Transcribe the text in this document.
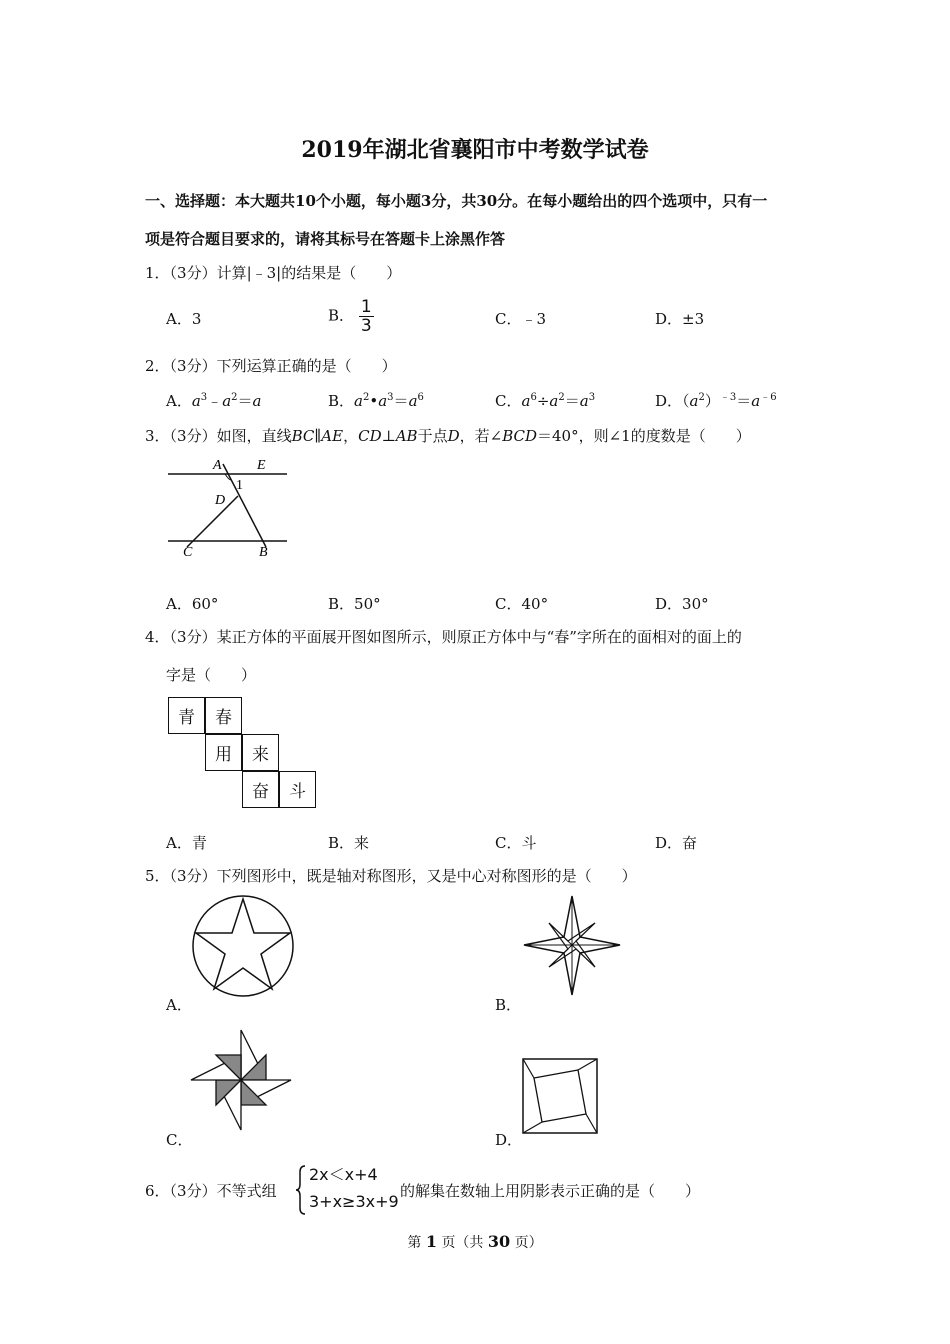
2019年湖北省襄阳市中考数学试卷
一、选择题：本大题共10个小题，每小题3分，共30分。在每小题给出的四个选项中，只有一
项是符合题目要求的，请将其标号在答题卡上涂黑作答
1．（3分）计算|﹣3|的结果是（　　）
A．3	B． $\frac{1}{3}$	C．﹣3	D．±3
2．（3分）下列运算正确的是（　　）
A．$a^3﹣a^2=a$	B．$a^2•a^3=a^6$	C．$a^6\div a^2=a^3$	D．$(a^2)^{﹣3}=a^{﹣6}$
3．（3分）如图，直线BC∥AE，CD⊥AB于点D，若∠BCD＝40°，则∠1的度数是（　　）
A	E
1
D
C	B
A．60°	B．50°	C．40°	D．30°
4．（3分）某正方体的平面展开图如图所示，则原正方体中与“春”字所在的面相对的面上的
字是（　　）
青	春
用	来
奋	斗
A．青	B．来	C．斗	D．奋
5．（3分）下列图形中，既是轴对称图形，又是中心对称图形的是（　　）
A．	B．
C．	D．
6．（3分）不等式组
2x＜x+4
3+x≥3x+9
的解集在数轴上用阴影表示正确的是（　　）
第 1 页（共 30 页）
